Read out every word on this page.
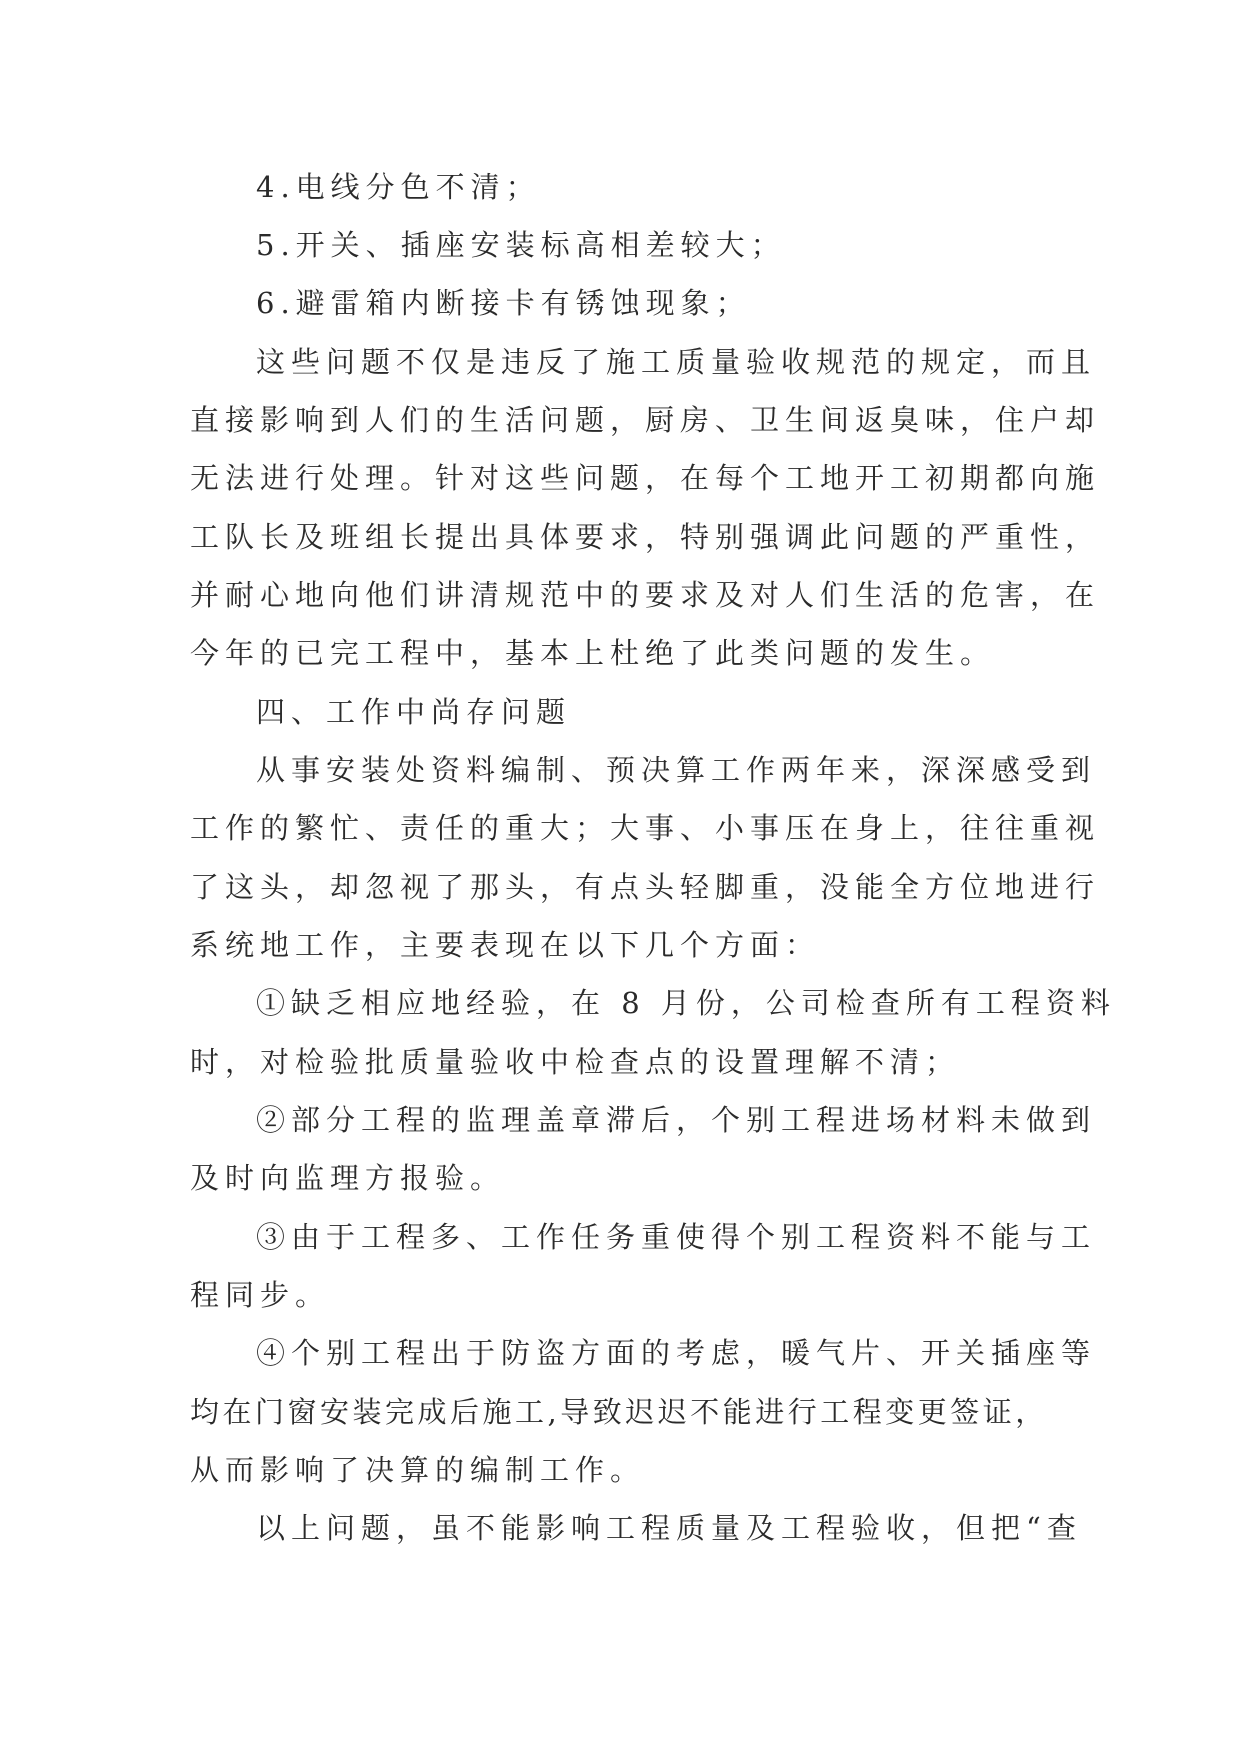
4.电线分色不清；
5.开关、插座安装标高相差较大；
6.避雷箱内断接卡有锈蚀现象；
这些问题不仅是违反了施工质量验收规范的规定，而且
直接影响到人们的生活问题，厨房、卫生间返臭味，住户却
无法进行处理。针对这些问题，在每个工地开工初期都向施
工队长及班组长提出具体要求，特别强调此问题的严重性，
并耐心地向他们讲清规范中的要求及对人们生活的危害，在
今年的已完工程中，基本上杜绝了此类问题的发生。
四、工作中尚存问题
从事安装处资料编制、预决算工作两年来，深深感受到
工作的繁忙、责任的重大；大事、小事压在身上，往往重视
了这头，却忽视了那头，有点头轻脚重，没能全方位地进行
系统地工作，主要表现在以下几个方面：
①缺乏相应地经验，在 8 月份，公司检查所有工程资料
时，对检验批质量验收中检查点的设置理解不清；
②部分工程的监理盖章滞后，个别工程进场材料未做到
及时向监理方报验。
③由于工程多、工作任务重使得个别工程资料不能与工
程同步。
④个别工程出于防盗方面的考虑，暖气片、开关插座等
均在门窗安装完成后施工,导致迟迟不能进行工程变更签证，
从而影响了决算的编制工作。
以上问题，虽不能影响工程质量及工程验收，但把“查
